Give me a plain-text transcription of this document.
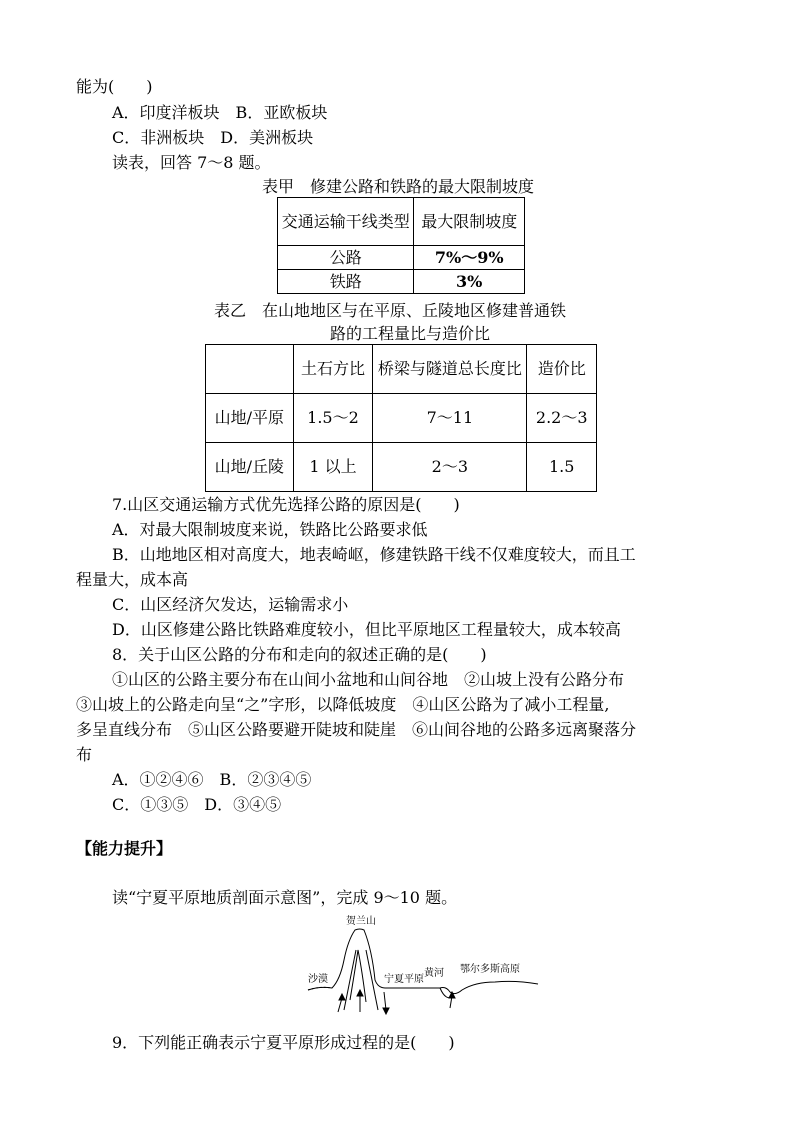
能为(　　)
A．印度洋板块　B．亚欧板块
C．非洲板块　D．美洲板块
读表，回答 7～8 题。
表甲　修建公路和铁路的最大限制坡度
交通运输干线类型	最大限制坡度
公路	7%～9%
铁路	3%
表乙　在山地地区与在平原、丘陵地区修建普通铁
路的工程量比与造价比
	土石方比	桥梁与隧道总长度比	造价比
山地/平原	1.5～2	7～11	2.2～3
山地/丘陵	1 以上	2～3	1.5
7.山区交通运输方式优先选择公路的原因是(　　)
A．对最大限制坡度来说，铁路比公路要求低
B．山地地区相对高度大，地表崎岖，修建铁路干线不仅难度较大，而且工
程量大，成本高
C．山区经济欠发达，运输需求小
D．山区修建公路比铁路难度较小，但比平原地区工程量较大，成本较高
8．关于山区公路的分布和走向的叙述正确的是(　　)
①山区的公路主要分布在山间小盆地和山间谷地　②山坡上没有公路分布
③山坡上的公路走向呈“之”字形，以降低坡度　④山区公路为了减小工程量,
多呈直线分布　⑤山区公路要避开陡坡和陡崖　⑥山间谷地的公路多远离聚落分
布
A．①②④⑥　B．②③④⑤
C．①③⑤　D．③④⑤
【能力提升】
读“宁夏平原地质剖面示意图”，完成 9～10 题。
贺兰山
沙漠	宁夏平原
黄河 鄂尔多斯高原
9．下列能正确表示宁夏平原形成过程的是(　　)
